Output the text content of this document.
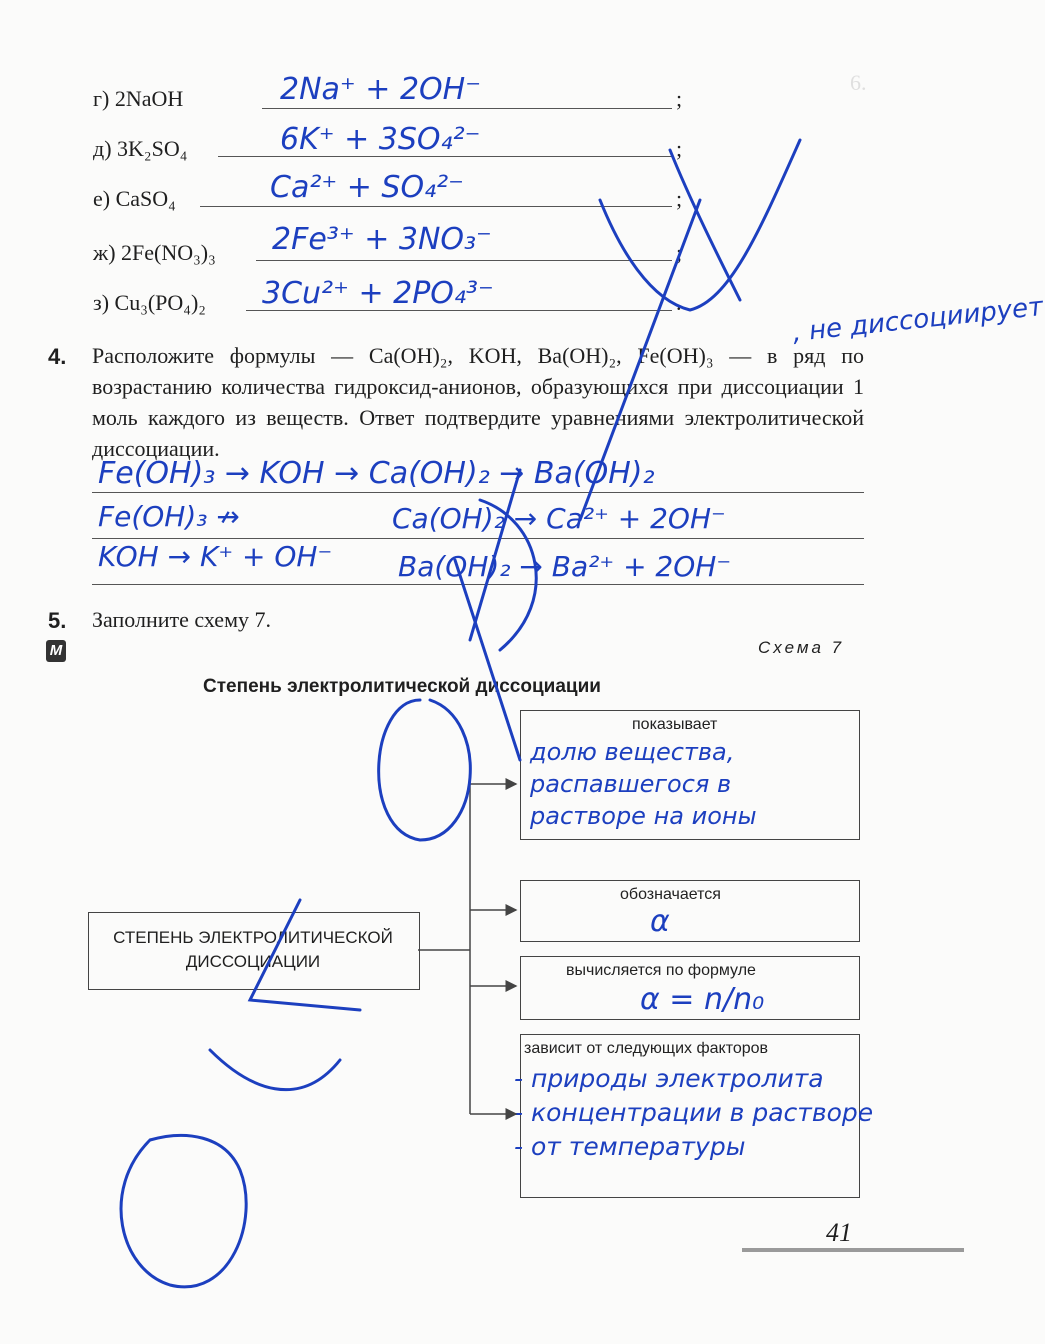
6.
г) 2NaOH	2Na⁺ + 2OH⁻	;
д) 3K₂SO₄	6K⁺ + 3SO₄²⁻	;
е) CaSO₄	Ca²⁺ + SO₄²⁻	;
ж) 2Fe(NO₃)₃ 2Fe³⁺ + 3NO₃⁻	;
з) Cu₃(PO₄)₂ 3Cu²⁺ + 2PO₄³⁻	.	, не диссоциирует
4. Расположите формулы — Ca(OH)₂, KOH, Ba(OH)₂, Fe(OH)₃ — в ряд по возрастанию количества гидроксид-анионов, образующихся при диссоциации 1 моль каждого из веществ. Ответ подтвердите уравнениями электролитической диссоциации.
Fe(OH)₃ → KOH → Ca(OH)₂ → Ba(OH)₂
Fe(OH)₃ ↛
KOH → K⁺ + OH⁻
Ca(OH)₂ → Ca²⁺ + 2OH⁻
Ba(OH)₂ → Ba²⁺ + 2OH⁻
5. Заполните схему 7.
М	Схема 7
Степень электролитической диссоциации
СТЕПЕНЬ ЭЛЕКТРОЛИТИЧЕСКОЙ ДИССОЦИАЦИИ
показывает
долю вещества, распавшегося в растворе на ионы
обозначается
α
вычисляется по формуле
α = n/n₀
зависит от следующих факторов
- природы электролита
- концентрации в растворе
- от температуры
41
